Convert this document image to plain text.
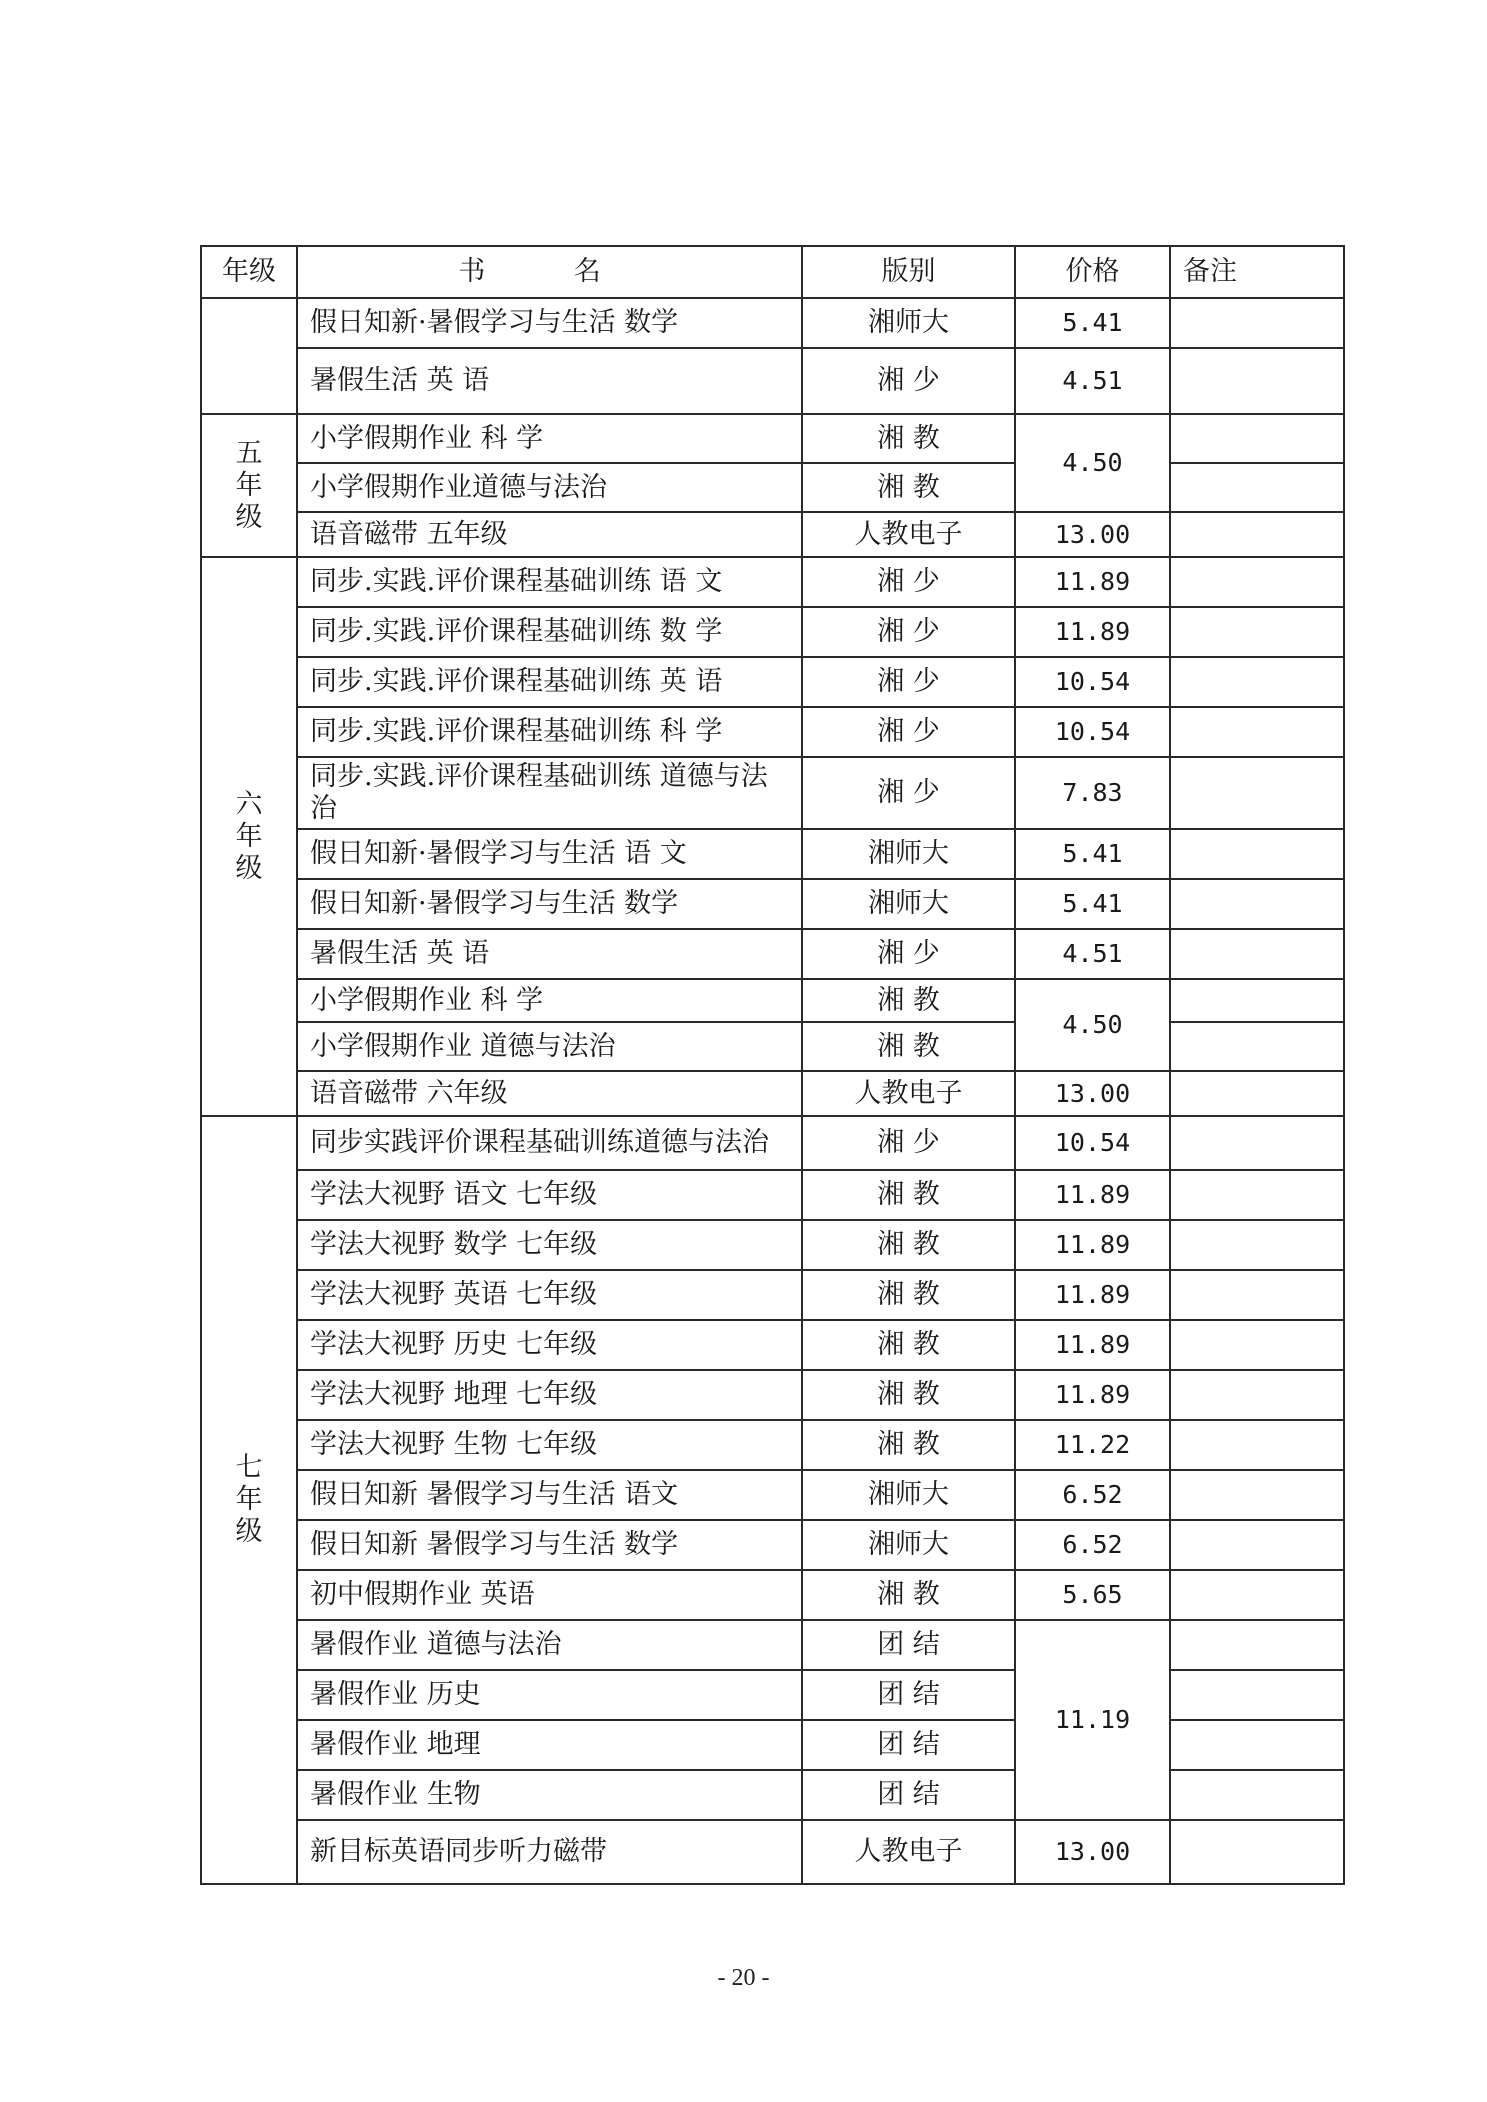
年级	书 名	版别	价格	备注
	假日知新·暑假学习与生活 数学	湘师大	5.41	
	暑假生活 英 语	湘 少	4.51	
五年级	小学假期作业 科 学	湘 教	4.50	
	小学假期作业道德与法治	湘 教		
	语音磁带 五年级	人教电子	13.00	
六年级	同步.实践.评价课程基础训练 语 文	湘 少	11.89	
	同步.实践.评价课程基础训练 数 学	湘 少	11.89	
	同步.实践.评价课程基础训练 英 语	湘 少	10.54	
	同步.实践.评价课程基础训练 科 学	湘 少	10.54	
	同步.实践.评价课程基础训练 道德与法治	湘 少	7.83	
	假日知新·暑假学习与生活 语 文	湘师大	5.41	
	假日知新·暑假学习与生活 数学	湘师大	5.41	
	暑假生活 英 语	湘 少	4.51	
	小学假期作业 科 学	湘 教	4.50	
	小学假期作业 道德与法治	湘 教		
	语音磁带 六年级	人教电子	13.00	
七年级	同步实践评价课程基础训练道德与法治	湘 少	10.54	
	学法大视野 语文 七年级	湘 教	11.89	
	学法大视野 数学 七年级	湘 教	11.89	
	学法大视野 英语 七年级	湘 教	11.89	
	学法大视野 历史 七年级	湘 教	11.89	
	学法大视野 地理 七年级	湘 教	11.89	
	学法大视野 生物 七年级	湘 教	11.22	
	假日知新 暑假学习与生活 语文	湘师大	6.52	
	假日知新 暑假学习与生活 数学	湘师大	6.52	
	初中假期作业 英语	湘 教	5.65	
	暑假作业 道德与法治	团 结	11.19	
	暑假作业 历史	团 结		
	暑假作业 地理	团 结		
	暑假作业 生物	团 结		
	新目标英语同步听力磁带	人教电子	13.00	
- 20 -
